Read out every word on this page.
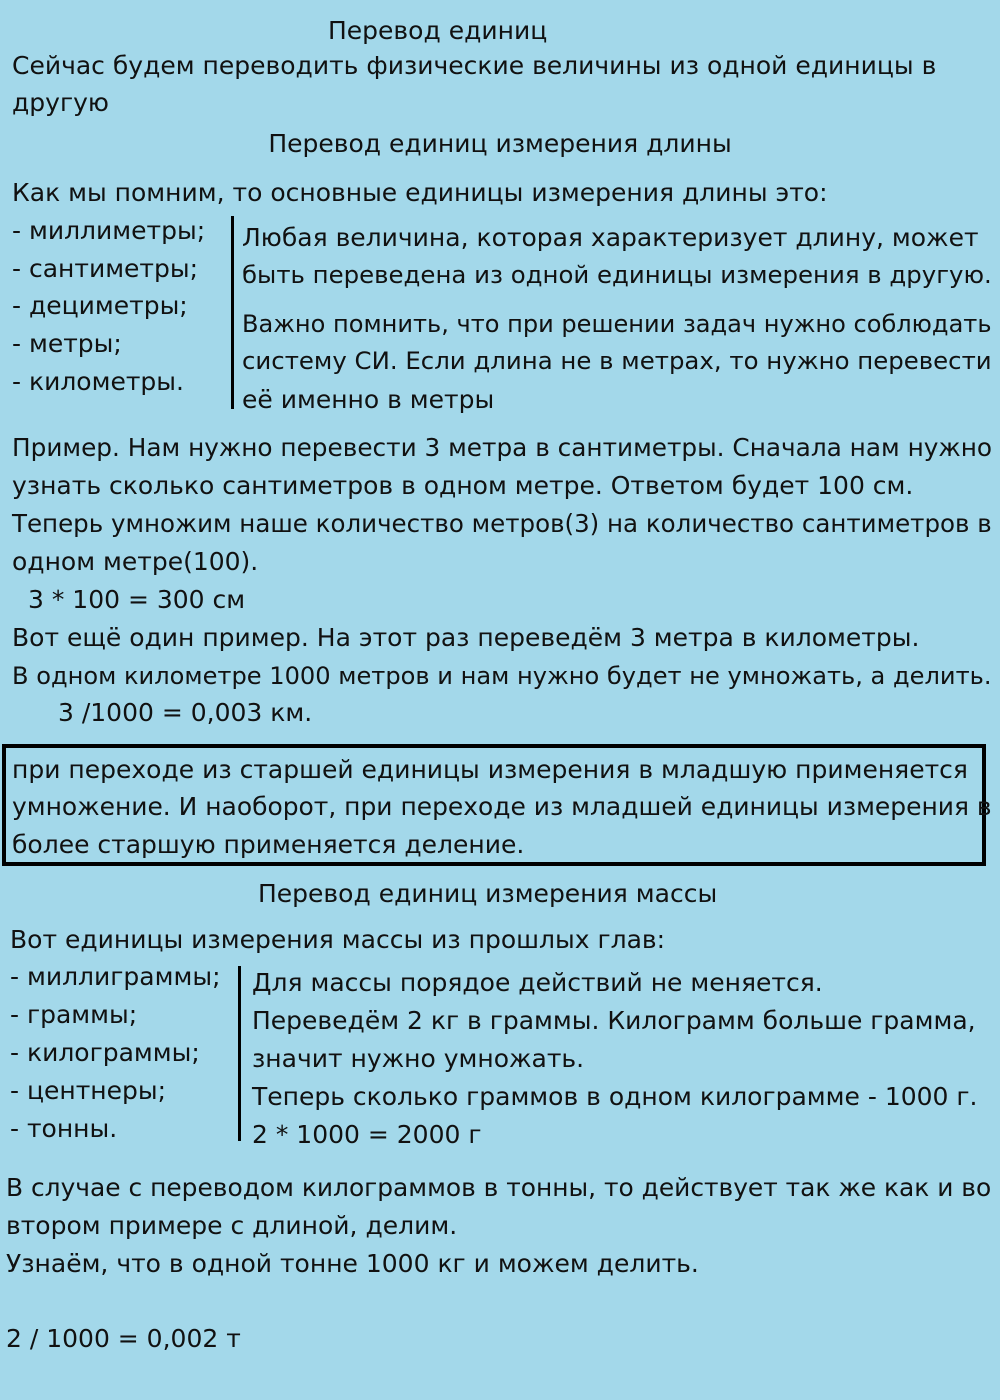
Перевод единиц
Сейчас будем переводить физические величины из одной единицы в
другую
Перевод единиц измерения длины
Как мы помним, то основные единицы измерения длины это:
- миллиметры;
- сантиметры;
- дециметры;
- метры;
- километры.
Любая величина, которая характеризует длину, может
быть переведена из одной единицы измерения в другую.
Важно помнить, что при решении задач нужно соблюдать
систему СИ. Если длина не в метрах, то нужно перевести
её именно в метры
Пример. Нам нужно перевести 3 метра в сантиметры. Сначала нам нужно
узнать сколько сантиметров в одном метре. Ответом будет 100 см.
Теперь умножим наше количество метров(3) на количество сантиметров в
одном метре(100).
3 * 100 = 300 см
Вот ещё один пример. На этот раз переведём 3 метра в километры.
В одном километре 1000 метров и нам нужно будет не умножать, а делить.
3 /1000 = 0,003 км.
при переходе из старшей единицы измерения в младшую применяется
умножение. И наоборот, при переходе из младшей единицы измерения в
более старшую применяется деление.
Перевод единиц измерения массы
Вот единицы измерения массы из прошлых глав:
- миллиграммы;
- граммы;
- килограммы;
- центнеры;
- тонны.
Для массы порядое действий не меняется.
Переведём 2 кг в граммы. Килограмм больше грамма,
значит нужно умножать.
Теперь сколько граммов в одном килограмме - 1000 г.
2 * 1000 = 2000 г
В случае с переводом килограммов в тонны, то действует так же как и во
втором примере с длиной, делим.
Узнаём, что в одной тонне 1000 кг и можем делить.
2 / 1000 = 0,002 т
